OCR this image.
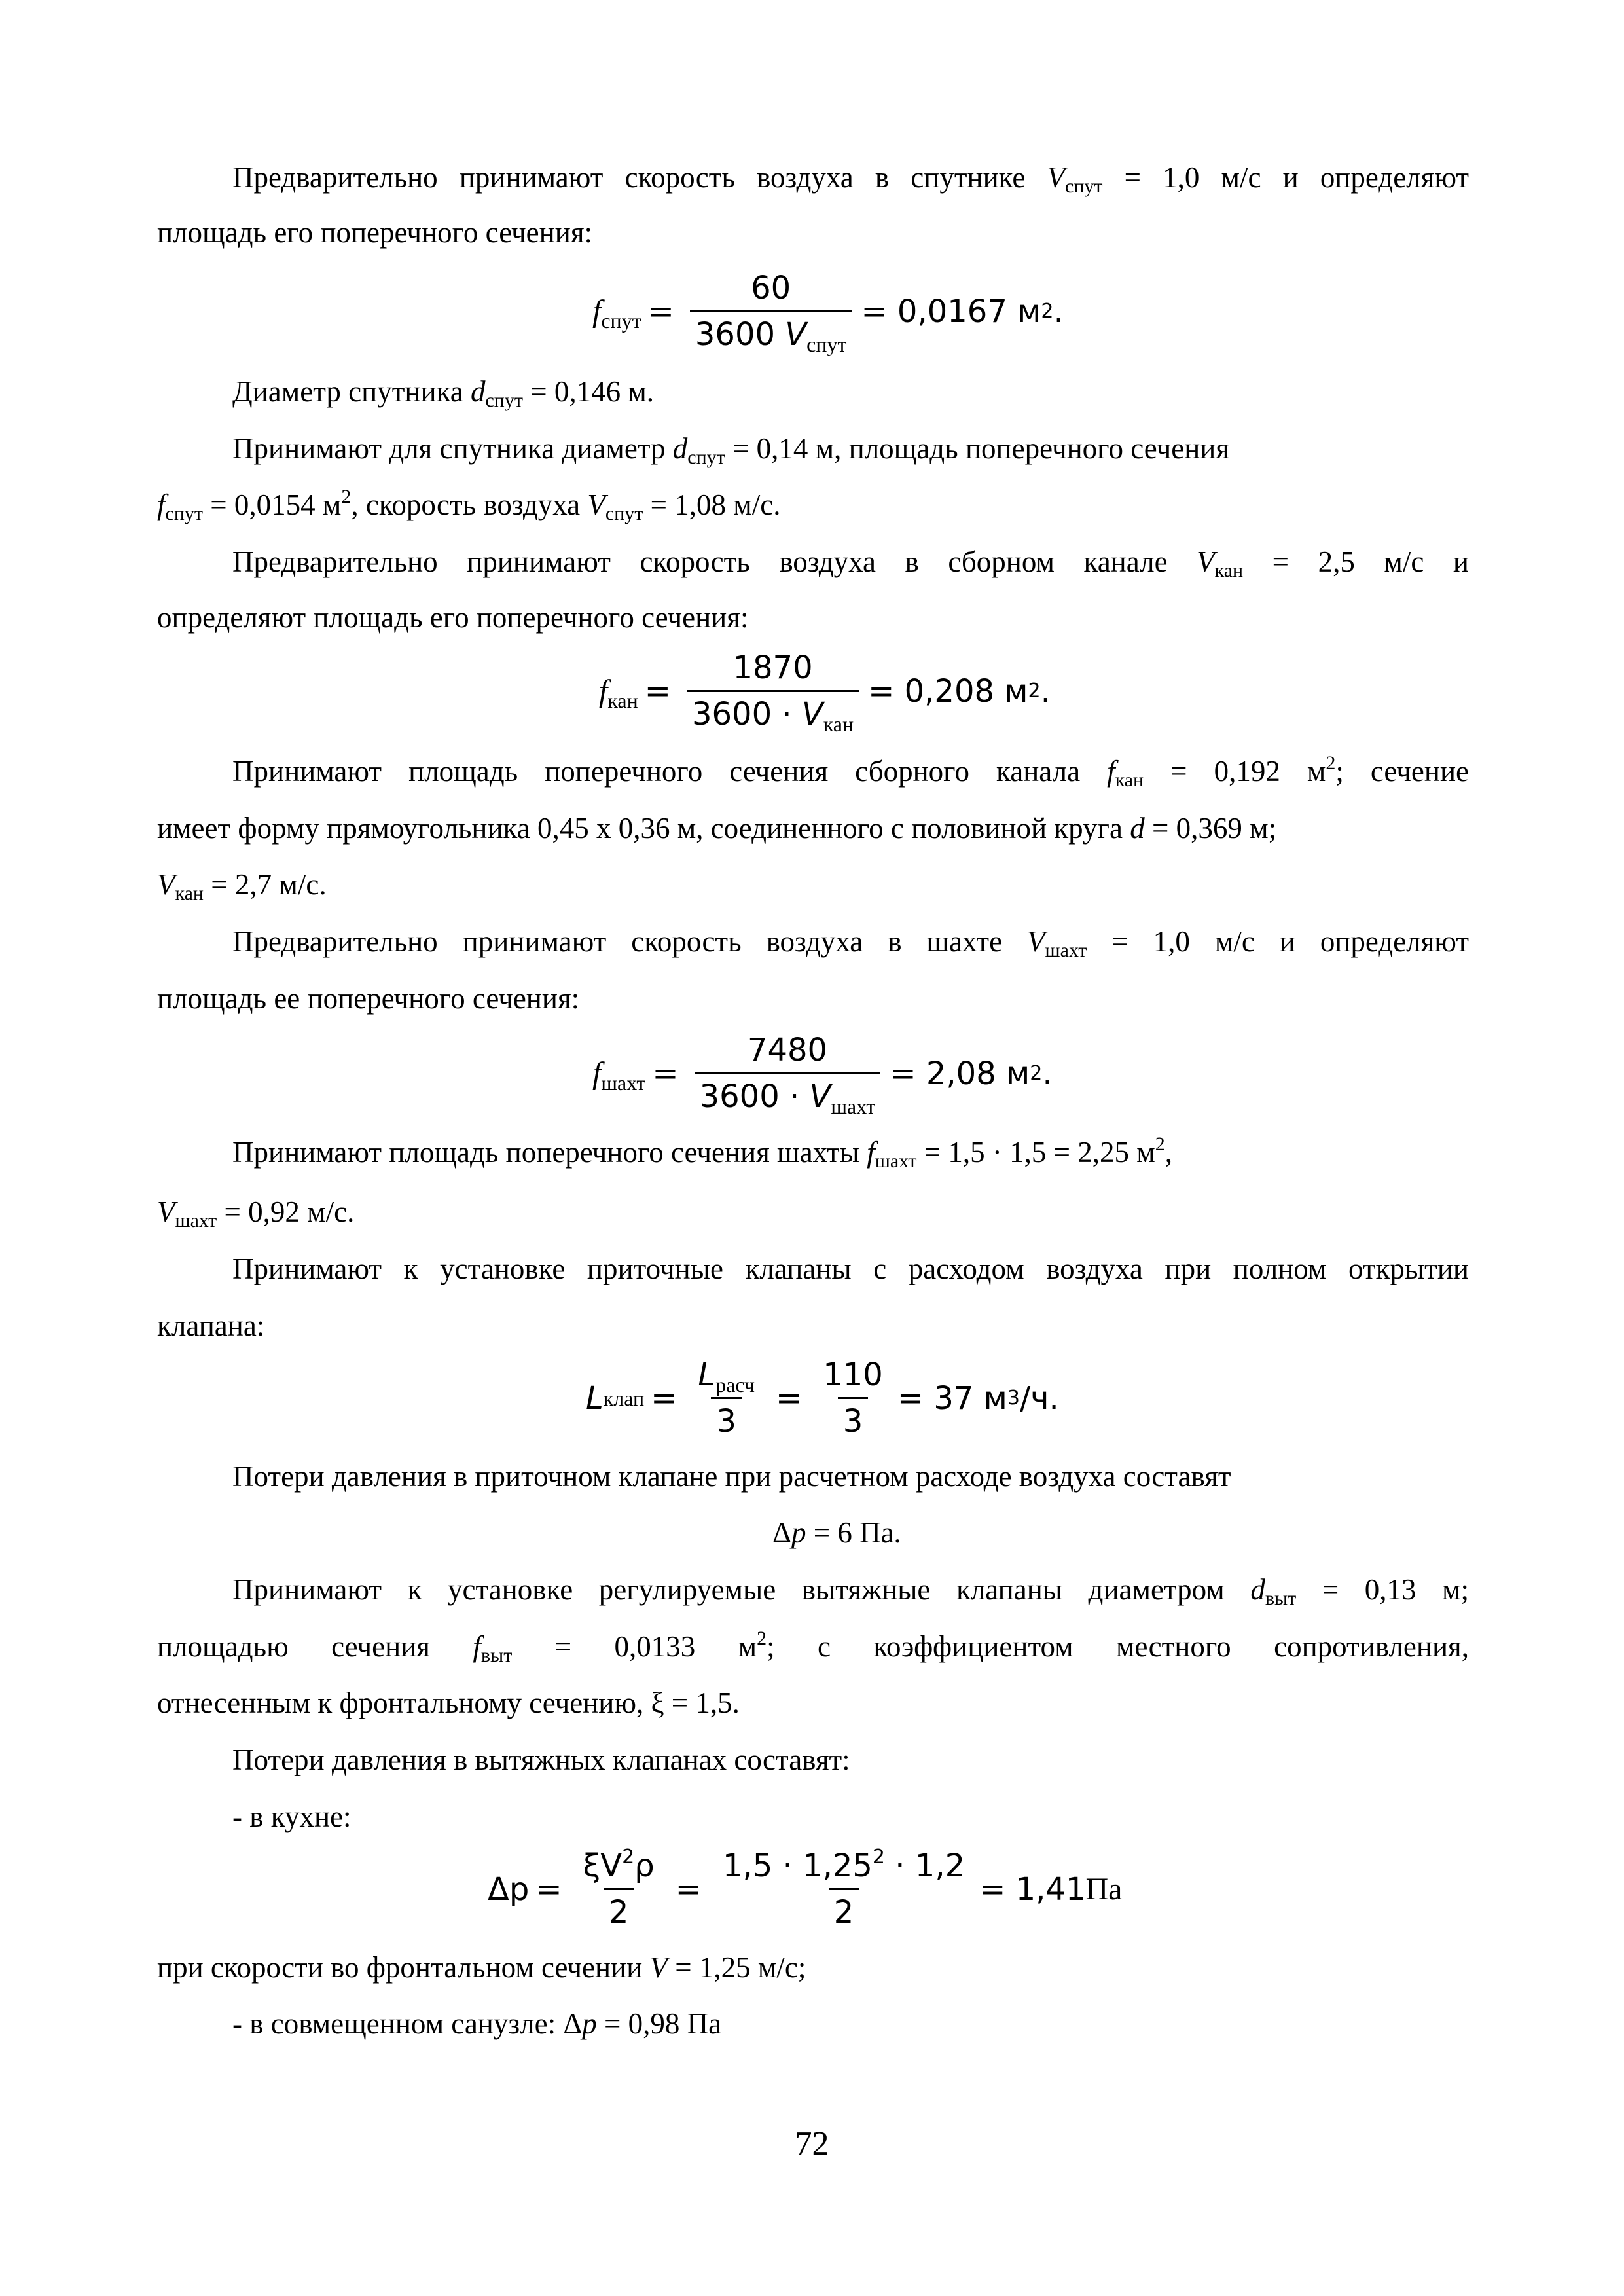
Предварительно принимают скорость воздуха в спутнике $V_{спут} = 1,0$ м/с и определяют
площадь его поперечного сечения:
$f_{спут} = \frac{60}{3600 V_{спут}} = 0,0167$ м 2 .
Диаметр спутника $d_{спут} = 0,146$ м.
Принимают для спутника диаметр $d_{спут} = 0,14$ м, площадь поперечного сечения
$f_{спут} = 0,0154$ $м^2$, скорость воздуха $V_{спут} = 1,08$ м/с.
Предварительно принимают скорость воздуха в сборном канале $V_{кан} = 2,5$ м/с и
определяют площадь его поперечного сечения:
$f_{кан} = \frac{1870}{3600 \cdot V_{кан}} = 0,208$ м 2 .
Принимают площадь поперечного сечения сборного канала $f_{кан} = 0,192$ $м^2$; сечение
имеет форму прямоугольника 0,45 x 0,36 м, соединенного с половиной круга d = 0,369 м;
$V_{кан} = 2,7$ м/с.
Предварительно принимают скорость воздуха в шахте $V_{шахт} = 1,0$ м/с и определяют
площадь ее поперечного сечения:
$f_{шахт} = \frac{7480}{3600 \cdot V_{шахт}} = 2,08$ м 2 .
Принимают площадь поперечного сечения шахты $f_{шахт} = 1,5 \cdot 1,5 = 2,25$ $м^2$,
$V_{шахт} = 0,92$ м/с.
Принимают к установке приточные клапаны с расходом воздуха при полном открытии
клапана:
L клап = $\frac{L_{расч}}{3} = \frac{110}{3} = 37$ м 3 /ч.
Потери давления в приточном клапане при расчетном расходе воздуха составят
Δp = 6 Па.
Принимают к установке регулируемые вытяжные клапаны диаметром $d_{выт} = 0,13$ м;
площадью сечения $f_{выт} = 0,0133$ $м^2$; с коэффициентом местного сопротивления,
отнесенным к фронтальному сечению, ξ = 1,5.
Потери давления в вытяжных клапанах составят:
- в кухне:
$\Delta p = \frac{\xi V^2\rho}{2} = \frac{1,5 \cdot 1,25^2 \cdot 1,2}{2} = 1,41$ Па
при скорости во фронтальном сечении V = 1,25 м/с;
- в совмещенном санузле: Δp = 0,98 Па
72
